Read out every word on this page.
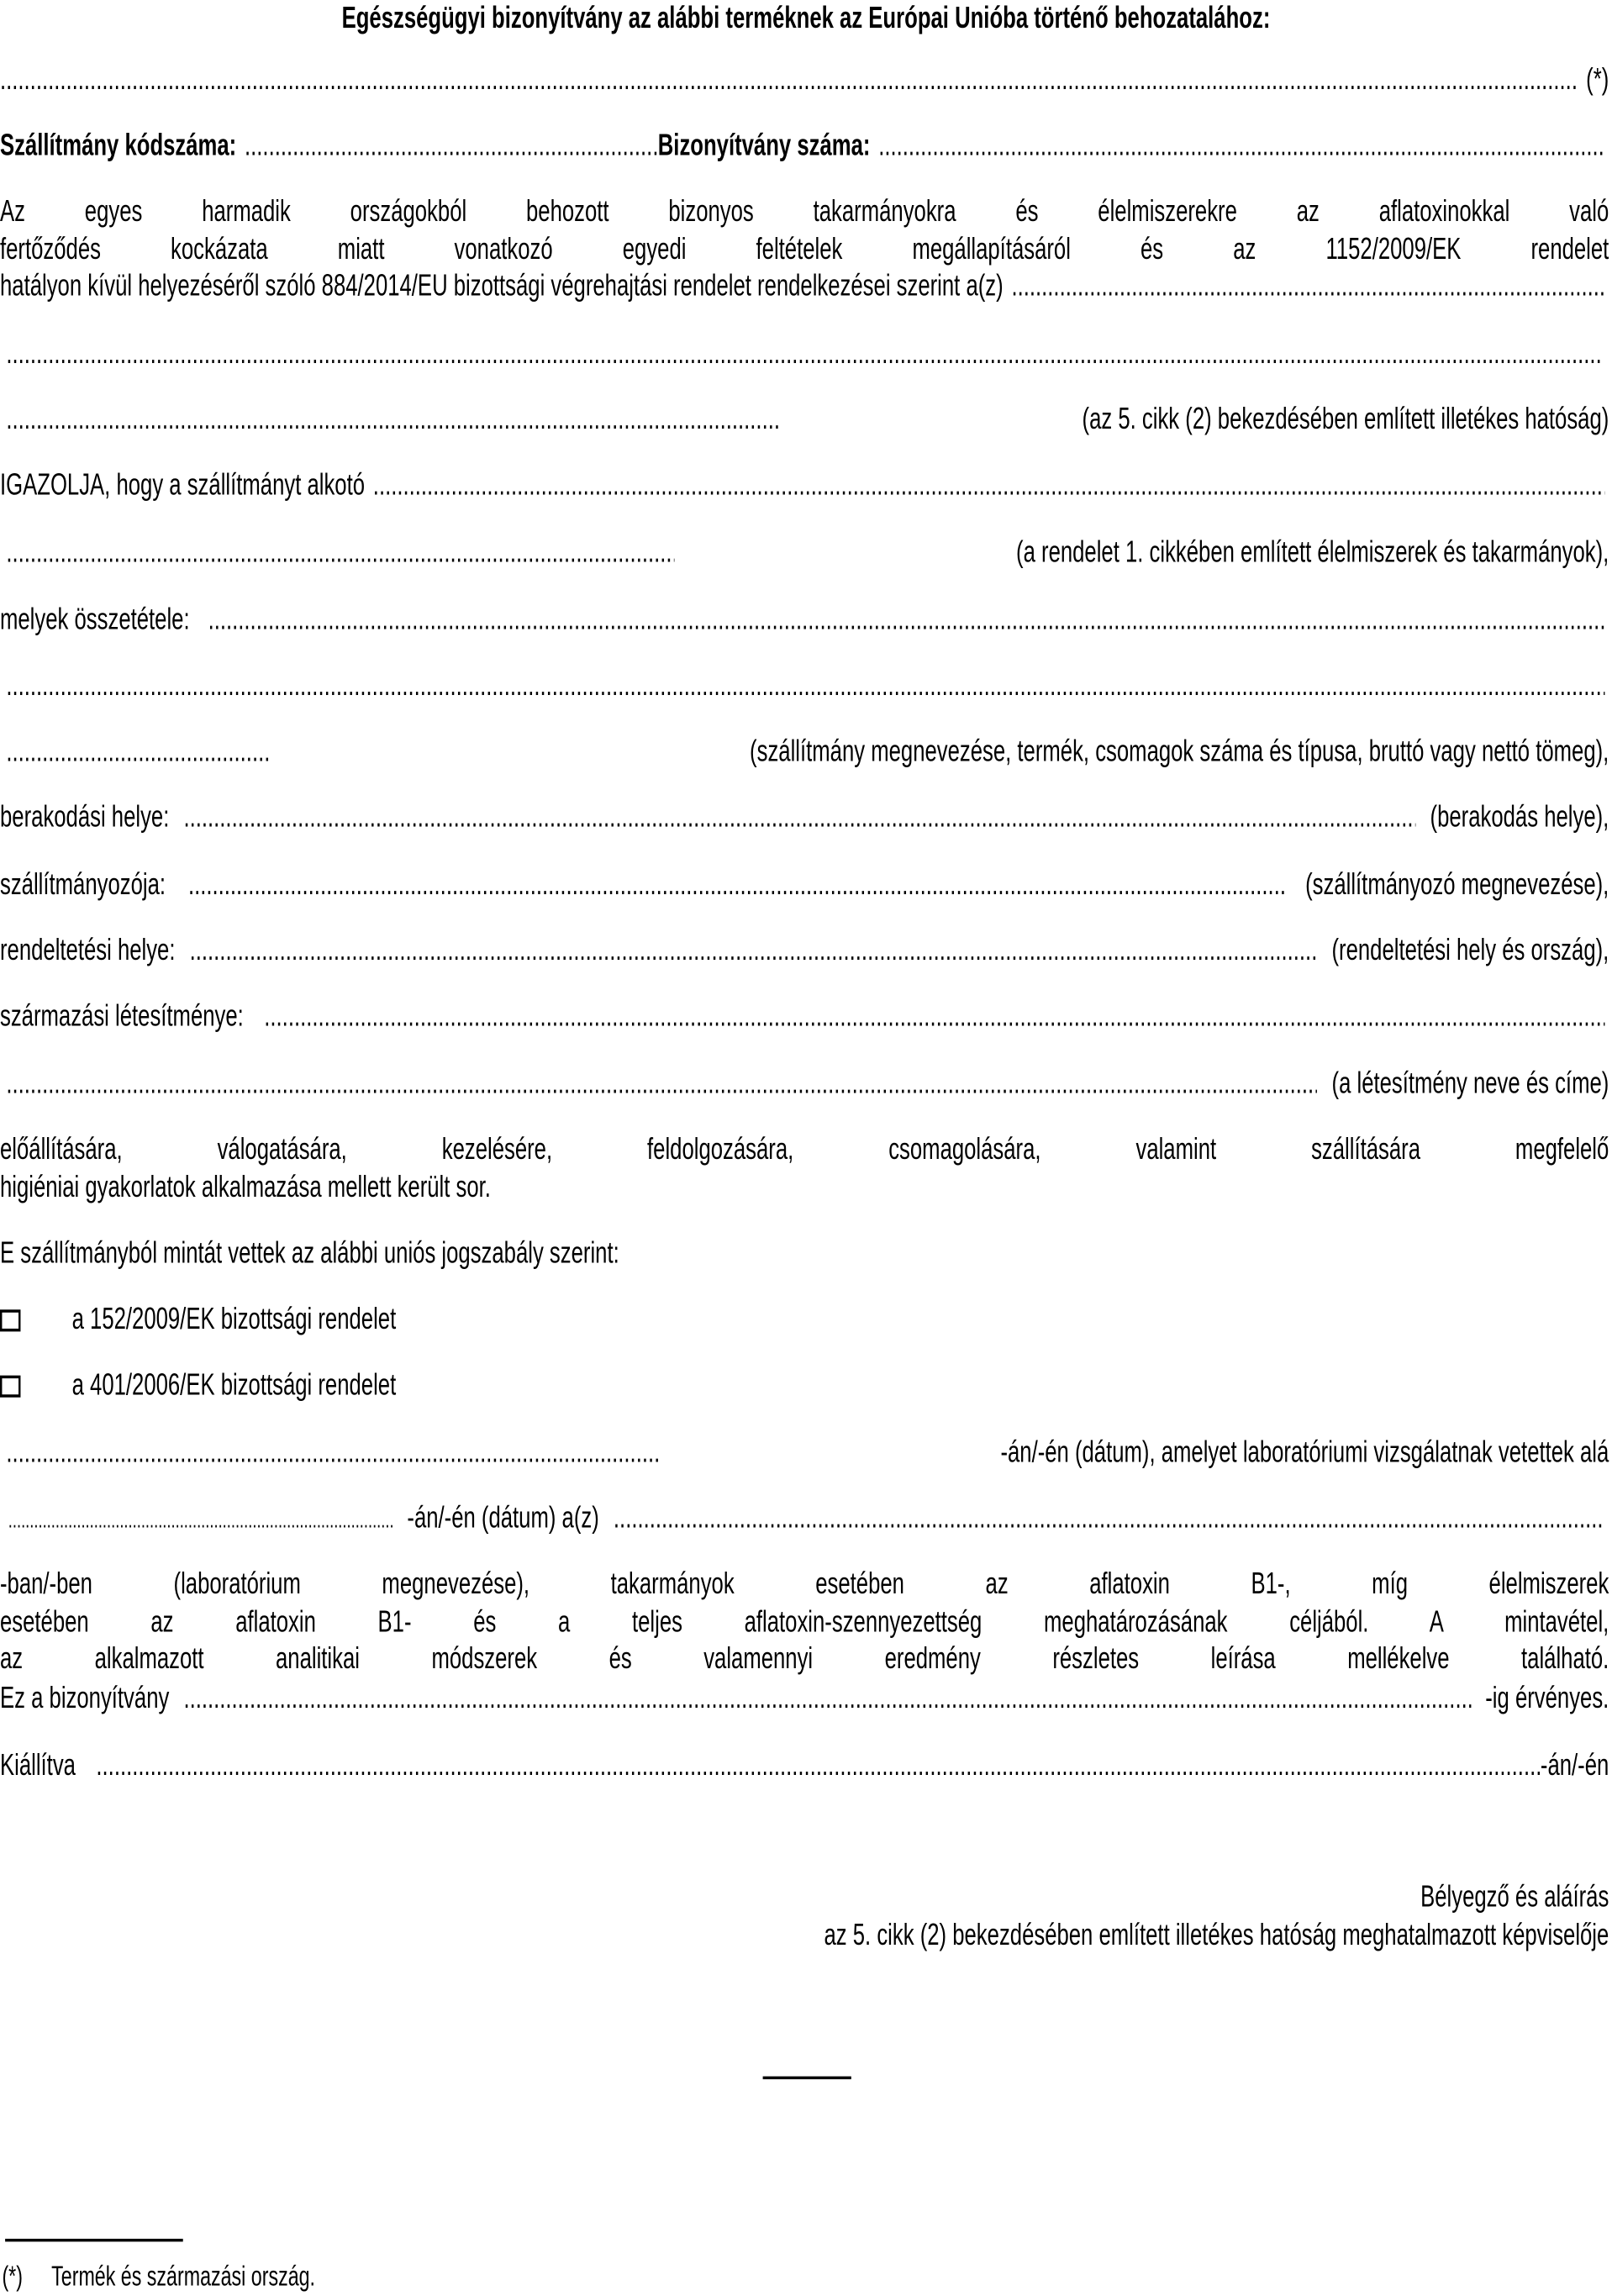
Egészségügyi bizonyítvány az alábbi terméknek az Európai Unióba történő behozatalához:
.....
(*)
Szállítmány kódszáma: .....	Bizonyítvány száma:
.....
Az egyes harmadik országokból behozott bizonyos takarmányokra és élelmiszerekre az aflatoxinokkal való
fertőződés kockázata miatt vonatkozó egyedi feltételek megállapításáról és az 1152/2009/EK rendelet
hatályon kívül helyezéséről szóló 884/2014/EU bizottsági végrehajtási rendelet rendelkezései szerint a(z)
.....
.....
.....
(az 5. cikk (2) bekezdésében említett illetékes hatóság)
IGAZOLJA, hogy a szállítmányt alkotó
.....
.....
(a rendelet 1. cikkében említett élelmiszerek és takarmányok),
melyek összetétele:
.....
.....
.....
(szállítmány megnevezése, termék, csomagok száma és típusa, bruttó vagy nettó tömeg),
berakodási helye: .....	(berakodás helye),
szállítmányozója: .....	(szállítmányozó megnevezése),
rendeltetési helye: .....	(rendeltetési hely és ország),
származási létesítménye:
.....
.....
(a létesítmény neve és címe)
előállítására, válogatására, kezelésére, feldolgozására, csomagolására, valamint szállítására megfelelő
higiéniai gyakorlatok alkalmazása mellett került sor.
E szállítmányból mintát vettek az alábbi uniós jogszabály szerint:
a 152/2009/EK bizottsági rendelet
a 401/2006/EK bizottsági rendelet
.....
-án/-én (dátum), amelyet laboratóriumi vizsgálatnak vetettek alá
.....
-án/-én (dátum) a(z)
.....
-ban/-ben (laboratórium megnevezése), takarmányok esetében az aflatoxin B1-, míg élelmiszerek
esetében az aflatoxin B1- és a teljes aflatoxin-szennyezettség meghatározásának céljából. A mintavétel,
az alkalmazott analitikai módszerek és valamennyi eredmény részletes leírása mellékelve található.
Ez a bizonyítvány .....	-ig érvényes.
Kiállítva .....	-án/-én
Bélyegző és aláírás
az 5. cikk (2) bekezdésében említett illetékes hatóság meghatalmazott képviselője
(*) Termék és származási ország.
